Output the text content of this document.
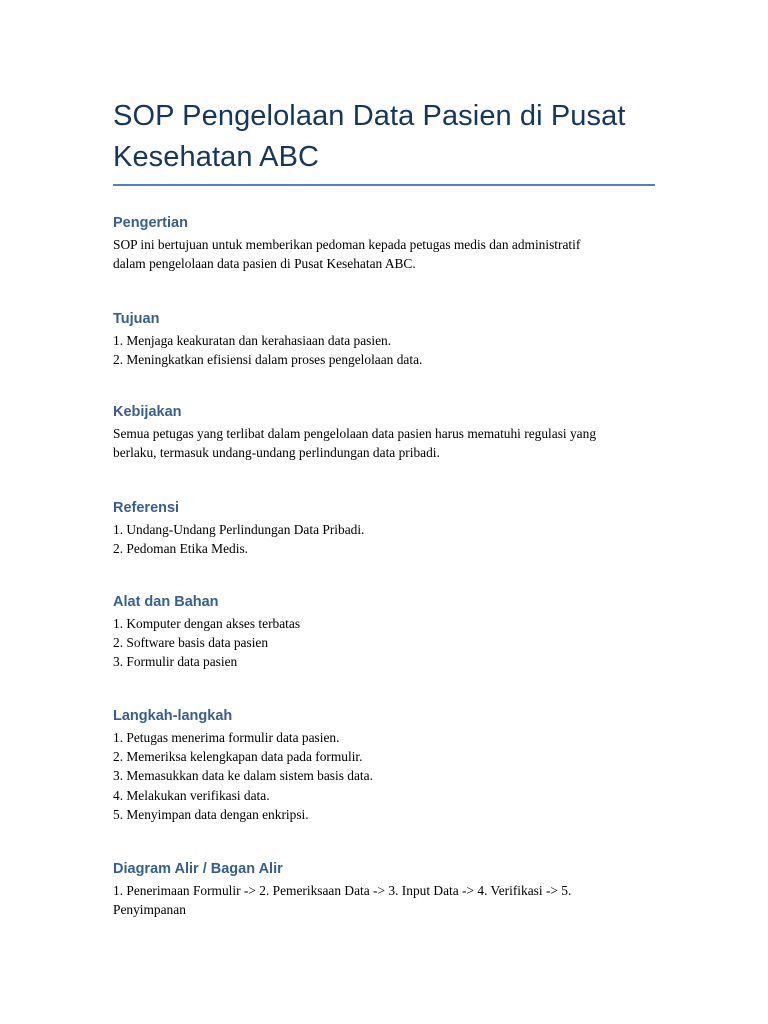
SOP Pengelolaan Data Pasien di Pusat Kesehatan ABC
Pengertian

SOP ini bertujuan untuk memberikan pedoman kepada petugas medis dan administratif
dalam pengelolaan data pasien di Pusat Kesehatan ABC.

Tujuan
1. Menjaga keakuratan dan kerahasiaan data pasien.
2. Meningkatkan efisiensi dalam proses pengelolaan data.
Kebijakan

Semua petugas yang terlibat dalam pengelolaan data pasien harus mematuhi regulasi yang
berlaku, termasuk undang-undang perlindungan data pribadi.

Referensi
1. Undang-Undang Perlindungan Data Pribadi.
2. Pedoman Etika Medis.
Alat dan Bahan
1. Komputer dengan akses terbatas
2. Software basis data pasien
3. Formulir data pasien
Langkah-langkah
1. Petugas menerima formulir data pasien.
2. Memeriksa kelengkapan data pada formulir.
3. Memasukkan data ke dalam sistem basis data.
4. Melakukan verifikasi data.
5. Menyimpan data dengan enkripsi.
Diagram Alir / Bagan Alir

1. Penerimaan Formulir -> 2. Pemeriksaan Data -> 3. Input Data -> 4. Verifikasi -> 5.
Penyimpanan
